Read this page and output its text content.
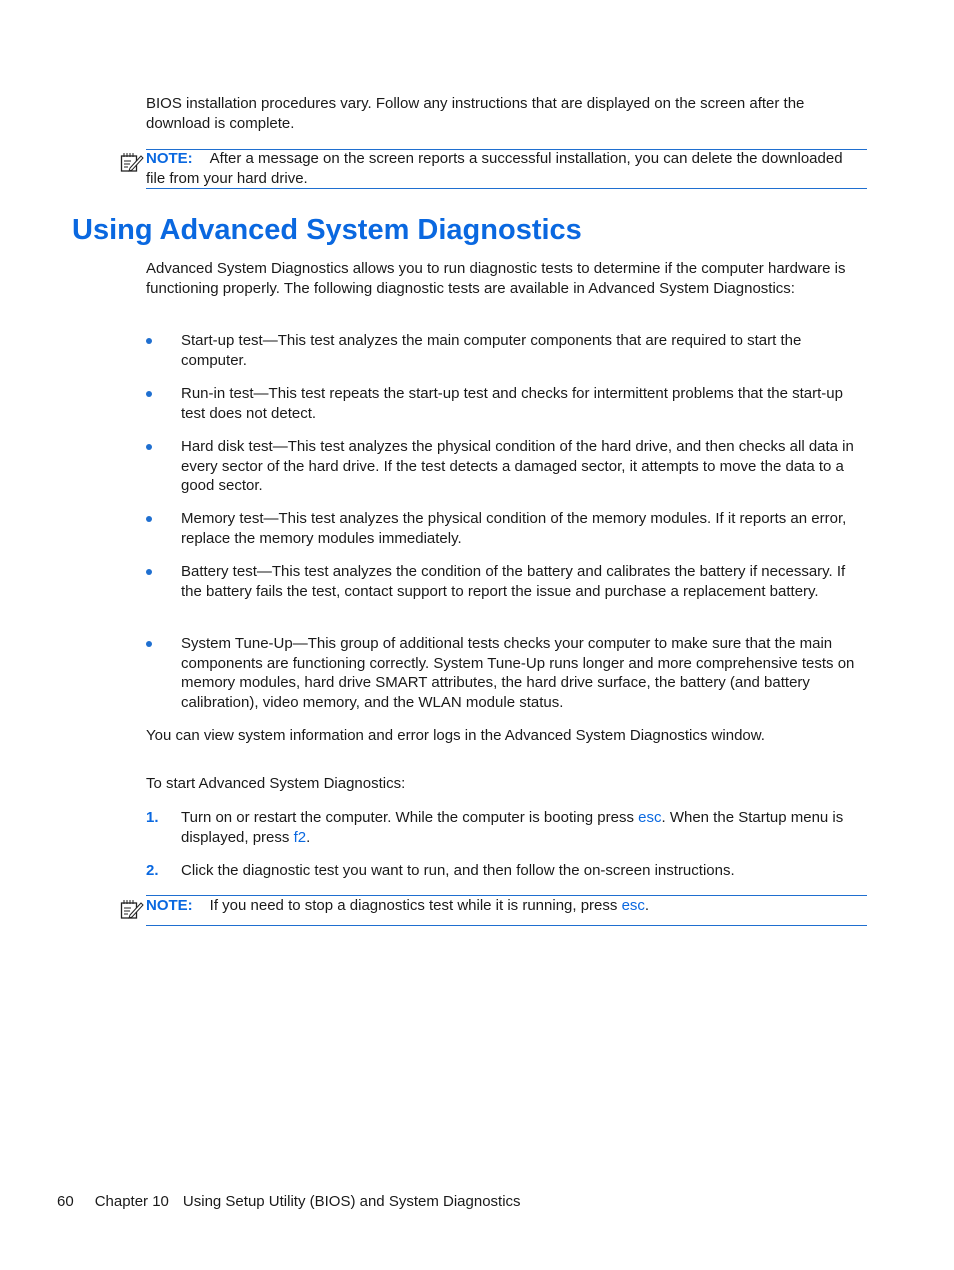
BIOS installation procedures vary. Follow any instructions that are displayed on the screen after the download is complete.

NOTE: After a message on the screen reports a successful installation, you can delete the downloaded file from your hard drive.
Using Advanced System Diagnostics

Advanced System Diagnostics allows you to run diagnostic tests to determine if the computer hardware is functioning properly. The following diagnostic tests are available in Advanced System Diagnostics:

Start-up test—This test analyzes the main computer components that are required to start the computer.

Run-in test—This test repeats the start-up test and checks for intermittent problems that the start-up test does not detect.

Hard disk test—This test analyzes the physical condition of the hard drive, and then checks all data in every sector of the hard drive. If the test detects a damaged sector, it attempts to move the data to a good sector.

Memory test—This test analyzes the physical condition of the memory modules. If it reports an error, replace the memory modules immediately.

Battery test—This test analyzes the condition of the battery and calibrates the battery if necessary. If the battery fails the test, contact support to report the issue and purchase a replacement battery.

System Tune-Up—This group of additional tests checks your computer to make sure that the main components are functioning correctly. System Tune-Up runs longer and more comprehensive tests on memory modules, hard drive SMART attributes, the hard drive surface, the battery (and battery calibration), video memory, and the WLAN module status.

You can view system information and error logs in the Advanced System Diagnostics window.

To start Advanced System Diagnostics:

1. Turn on or restart the computer. While the computer is booting press esc. When the Startup menu is displayed, press f2.

2. Click the diagnostic test you want to run, and then follow the on-screen instructions.

NOTE: If you need to stop a diagnostics test while it is running, press esc.

60 Chapter 10 Using Setup Utility (BIOS) and System Diagnostics
